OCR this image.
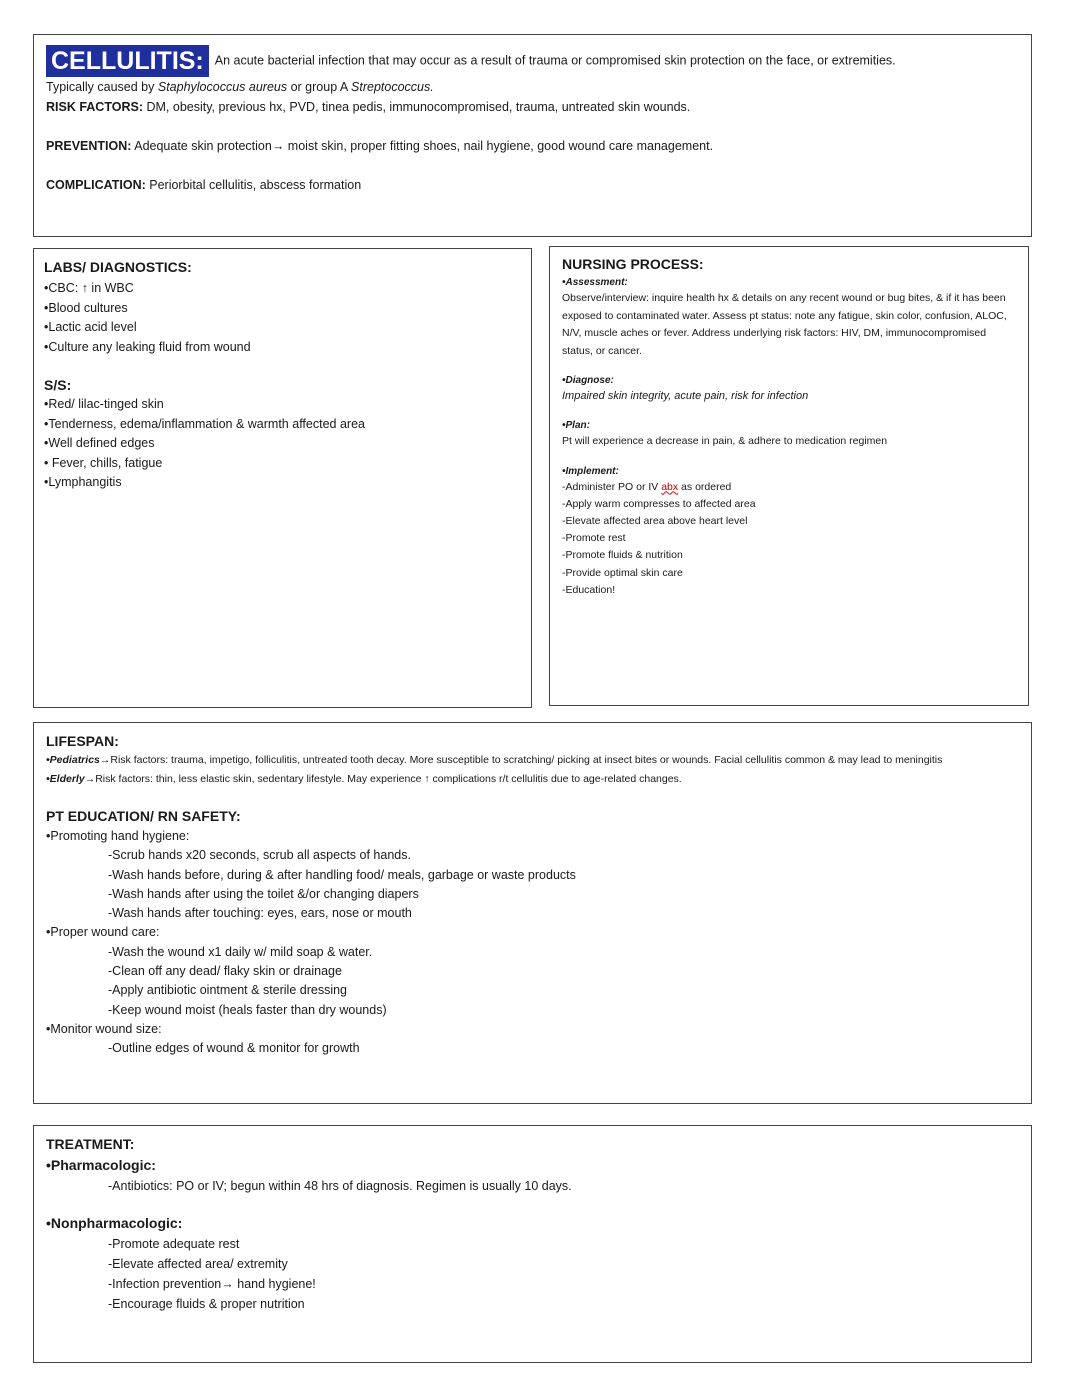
CELLULITIS: An acute bacterial infection that may occur as a result of trauma or compromised skin protection on the face, or extremities.
Typically caused by Staphylococcus aureus or group A Streptococcus.
RISK FACTORS: DM, obesity, previous hx, PVD, tinea pedis, immunocompromised, trauma, untreated skin wounds.
PREVENTION: Adequate skin protection→ moist skin, proper fitting shoes, nail hygiene, good wound care management.
COMPLICATION: Periorbital cellulitis, abscess formation
LABS/ DIAGNOSTICS:
•CBC: ↑ in WBC
•Blood cultures
•Lactic acid level
•Culture any leaking fluid from wound
S/S:
•Red/ lilac-tinged skin
•Tenderness, edema/inflammation & warmth affected area
•Well defined edges
• Fever, chills, fatigue
•Lymphangitis
NURSING PROCESS:
•Assessment:
Observe/interview: inquire health hx & details on any recent wound or bug bites, & if it has been exposed to contaminated water. Assess pt status: note any fatigue, skin color, confusion, ALOC, N/V, muscle aches or fever. Address underlying risk factors: HIV, DM, immunocompromised status, or cancer.
•Diagnose:
Impaired skin integrity, acute pain, risk for infection
•Plan:
Pt will experience a decrease in pain, & adhere to medication regimen
•Implement:
-Administer PO or IV abx as ordered
-Apply warm compresses to affected area
-Elevate affected area above heart level
-Promote rest
-Promote fluids & nutrition
-Provide optimal skin care
-Education!
LIFESPAN:
•Pediatrics→Risk factors: trauma, impetigo, folliculitis, untreated tooth decay. More susceptible to scratching/ picking at insect bites or wounds. Facial cellulitis common & may lead to meningitis
•Elderly→Risk factors: thin, less elastic skin, sedentary lifestyle. May experience ↑ complications r/t cellulitis due to age-related changes.
PT EDUCATION/ RN SAFETY:
•Promoting hand hygiene:
-Scrub hands x20 seconds, scrub all aspects of hands.
-Wash hands before, during & after handling food/ meals, garbage or waste products
-Wash hands after using the toilet &/or changing diapers
-Wash hands after touching: eyes, ears, nose or mouth
•Proper wound care:
-Wash the wound x1 daily w/ mild soap & water.
-Clean off any dead/ flaky skin or drainage
-Apply antibiotic ointment & sterile dressing
-Keep wound moist (heals faster than dry wounds)
•Monitor wound size:
-Outline edges of wound & monitor for growth
TREATMENT:
•Pharmacologic:
-Antibiotics: PO or IV; begun within 48 hrs of diagnosis. Regimen is usually 10 days.
•Nonpharmacologic:
-Promote adequate rest
-Elevate affected area/ extremity
-Infection prevention→ hand hygiene!
-Encourage fluids & proper nutrition
